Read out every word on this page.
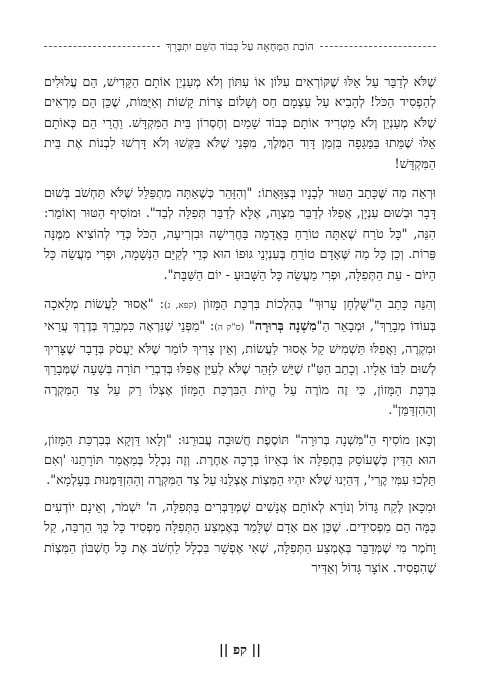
הוֹבַת הַמְּחָאָה עַל כְּבוֹד הַשֵּׁם יִתְבָּרֵךְ

שֶׁלֹּא לְדַבֵּר עַל אֵלּוּ שֶׁקּוֹרְאִים עִלּוֹן אוֹ עִתּוֹן וְלֹא מְעַנְיֵן אוֹתָם הַקָּדִישׁ, הֵם עֲלוּלִים לְהַפְסִיד הַכֹּל! לְהָבִיא עַל עַצְמָם חַס וְשָׁלוֹם צָרוֹת קָשׁוֹת וְאַיֻּמּוֹת, שֶׁכֵּן הֵם מַרְאִים שֶׁלֹּא מְעַנְיֵן וְלֹא מַטְרִיד אוֹתָם כְּבוֹד שָׁמַיִם וְחֶסְרוֹן בֵּית הַמִּקְדָּשׁ. וַהֲרֵי הֵם כְּאוֹתָם אֵלּוּ שֶׁמֵּתוּ בַּמַּגֵּפָה בִּזְמַן דָּוִד הַמֶּלֶךְ, מִפְּנֵי שֶׁלֹּא בִּקְּשׁוּ וְלֹא דָּרְשׁוּ לִבְנוֹת אֶת בֵּית הַמִּקְדָּשׁ!

וּרְאֵה מַה שֶּׁכָּתַב הַטּוּר לְבָנָיו בְּצַוָּאָתוֹ: "וְהִזָּהֵר כְּשֶׁאַתָּה מִתְפַּלֵּל שֶׁלֹּא תַּחְשֹׁב בְּשׁוּם דָּבָר וּבְשׁוּם עִנְיָן, אֲפִלּוּ לְדַבֵּר מִצְוָה, אֶלָּא לְדַבֵּר תְּפִלָּה לְבַד". וּמוֹסִיף הַטּוּר וְאוֹמֵר: הִנֵּה, "כָּל טֹרַח שֶׁאַתָּה טוֹרֵחַ בָּאֲדָמָה בַּחֲרִישָׁה וּבִזְרִיעָה, הַכֹּל כְּדֵי לְהוֹצִיא מִמֶּנָּה פֵּרוֹת. וְכֵן כָּל מַה שֶּׁאָדָם טוֹרֵחַ בְּעִנְיְנֵי גּוּפוֹ הוּא כְּדֵי לְקַיֵּם הַנְּשָׁמָה, וּפְרִי מַעֲשֵׂה כָּל הַיּוֹם - עֵת הַתְּפִלָּה, וּפְרִי מַעֲשֵׂה כָּל הַשָּׁבוּעַ - יוֹם הַשַּׁבָּת".

וְהִנֵּה כָּתַב הַ"שֻּׁלְחָן עָרוּךְ" בְּהִלְכוֹת בִּרְכַּת הַמָּזוֹן (קפא, ג): "אָסוּר לַעֲשׂוֹת מְלָאכָה בְּעוֹדוֹ מְבָרֵךְ", וּמְבָאֵר הַ"מִשְׁנָה בְּרוּרָה" (ס"ק ה): "מִפְּנֵי שֶׁנִּרְאֶה כִּמְבָרֵךְ בְּדֶרֶךְ עֲרַאי וּמִקְרֶה, וַאֲפִלּוּ תַּשְׁמִישׁ קַל אָסוּר לַעֲשׂוֹת, וְאֵין צָרִיךְ לוֹמַר שֶׁלֹּא יַעֲסֹק בְּדָבָר שֶׁצָּרִיךְ לְשׁוּם לִבּוֹ אֵלָיו. וְכָתַב הַטַּ"ז שֶׁיֵּשׁ לִזָּהֵר שֶׁלֹּא לְעַיֵּן אֲפִלּוּ בְּדִבְרֵי תוֹרָה בְּשָׁעָה שֶׁמְּבָרֵךְ בִּרְכַּת הַמָּזוֹן, כִּי זֶה מוֹרֶה עַל הֱיוֹת הַבִּרְכַּת הַמָּזוֹן אֶצְלוֹ רַק עַל צַד הַמִּקְרֶה וְהַהִזְדַּמֵּן".

וְכָאן מוֹסִיף הַ"מִּשְׁנָה בְּרוּרָה" תּוֹסֶפֶת חֲשׁוּבָה עֲבוּרֵנוּ: "וְלָאו דַּוְקָא בְּבִרְכַּת הַמָּזוֹן, הוּא הַדִּין כְּשֶׁעוֹסֵק בִּתְפִלָּה אוֹ בְּאֵיזוֹ בְּרָכָה אַחֶרֶת. וְזֶה נִכְלָל בְּמַאֲמַר תּוֹרָתֵנוּ 'וְאִם תֵּלְכוּ עִמִּי קֶרִי', דְּהַיְנוּ שֶׁלֹּא יִהְיוּ הַמִּצְוֹת אֶצְלֵנוּ עַל צַד הַמִּקְרֶה וְהַהִזְדַּמְּנוּת בְּעָלְמָא".

וּמִכָּאן לֶקַח גָּדוֹל וְנוֹרָא לְאוֹתָם אֲנָשִׁים שֶׁמְּדַבְּרִים בַּתְּפִלָּה, ה' יִשְׁמֹר, וְאֵינָם יוֹדְעִים כַּמָּה הֵם מַפְסִידִים. שֶׁכֵּן אִם אָדָם שֶׁלָּמַד בְּאֶמְצַע הַתְּפִלָּה מַפְסִיד כָּל כָּךְ הַרְבֵּה, קַל וָחֹמֶר מִי שֶׁמְּדַבֵּר בְּאֶמְצַע הַתְּפִלָּה, שֶׁאִי אֶפְשָׁר בִּכְלָל לַחְשֹׁב אֶת כָּל חֶשְׁבּוֹן הַמִּצְוֹת שֶׁהִפְסִיד. אוֹצָר גָּדוֹל וְאַדִּיר

|| קפ ||
